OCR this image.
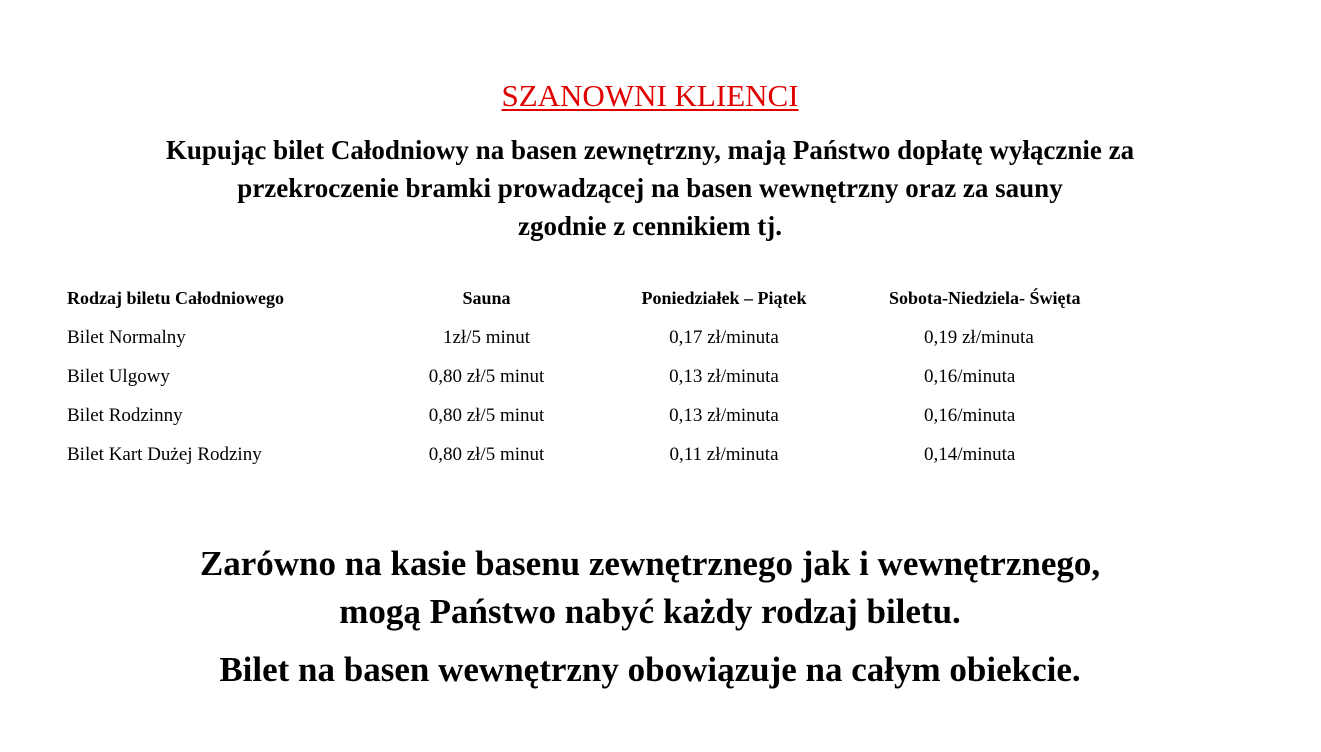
SZANOWNI KLIENCI
Kupując bilet Całodniowy na basen zewnętrzny, mają Państwo dopłatę wyłącznie za
przekroczenie bramki prowadzącej na basen wewnętrzny oraz za sauny
zgodnie z cennikiem tj.
Rodzaj biletu Całodniowego	Sauna	Poniedziałek – Piątek	Sobota-Niedziela- Święta
Bilet Normalny	1zł/5 minut	0,17 zł/minuta	0,19 zł/minuta
Bilet Ulgowy	0,80 zł/5 minut	0,13 zł/minuta	0,16/minuta
Bilet Rodzinny	0,80 zł/5 minut	0,13 zł/minuta	0,16/minuta
Bilet Kart Dużej Rodziny	0,80 zł/5 minut	0,11 zł/minuta	0,14/minuta
Zarówno na kasie basenu zewnętrznego jak i wewnętrznego,
mogą Państwo nabyć każdy rodzaj biletu.
Bilet na basen wewnętrzny obowiązuje na całym obiekcie.
